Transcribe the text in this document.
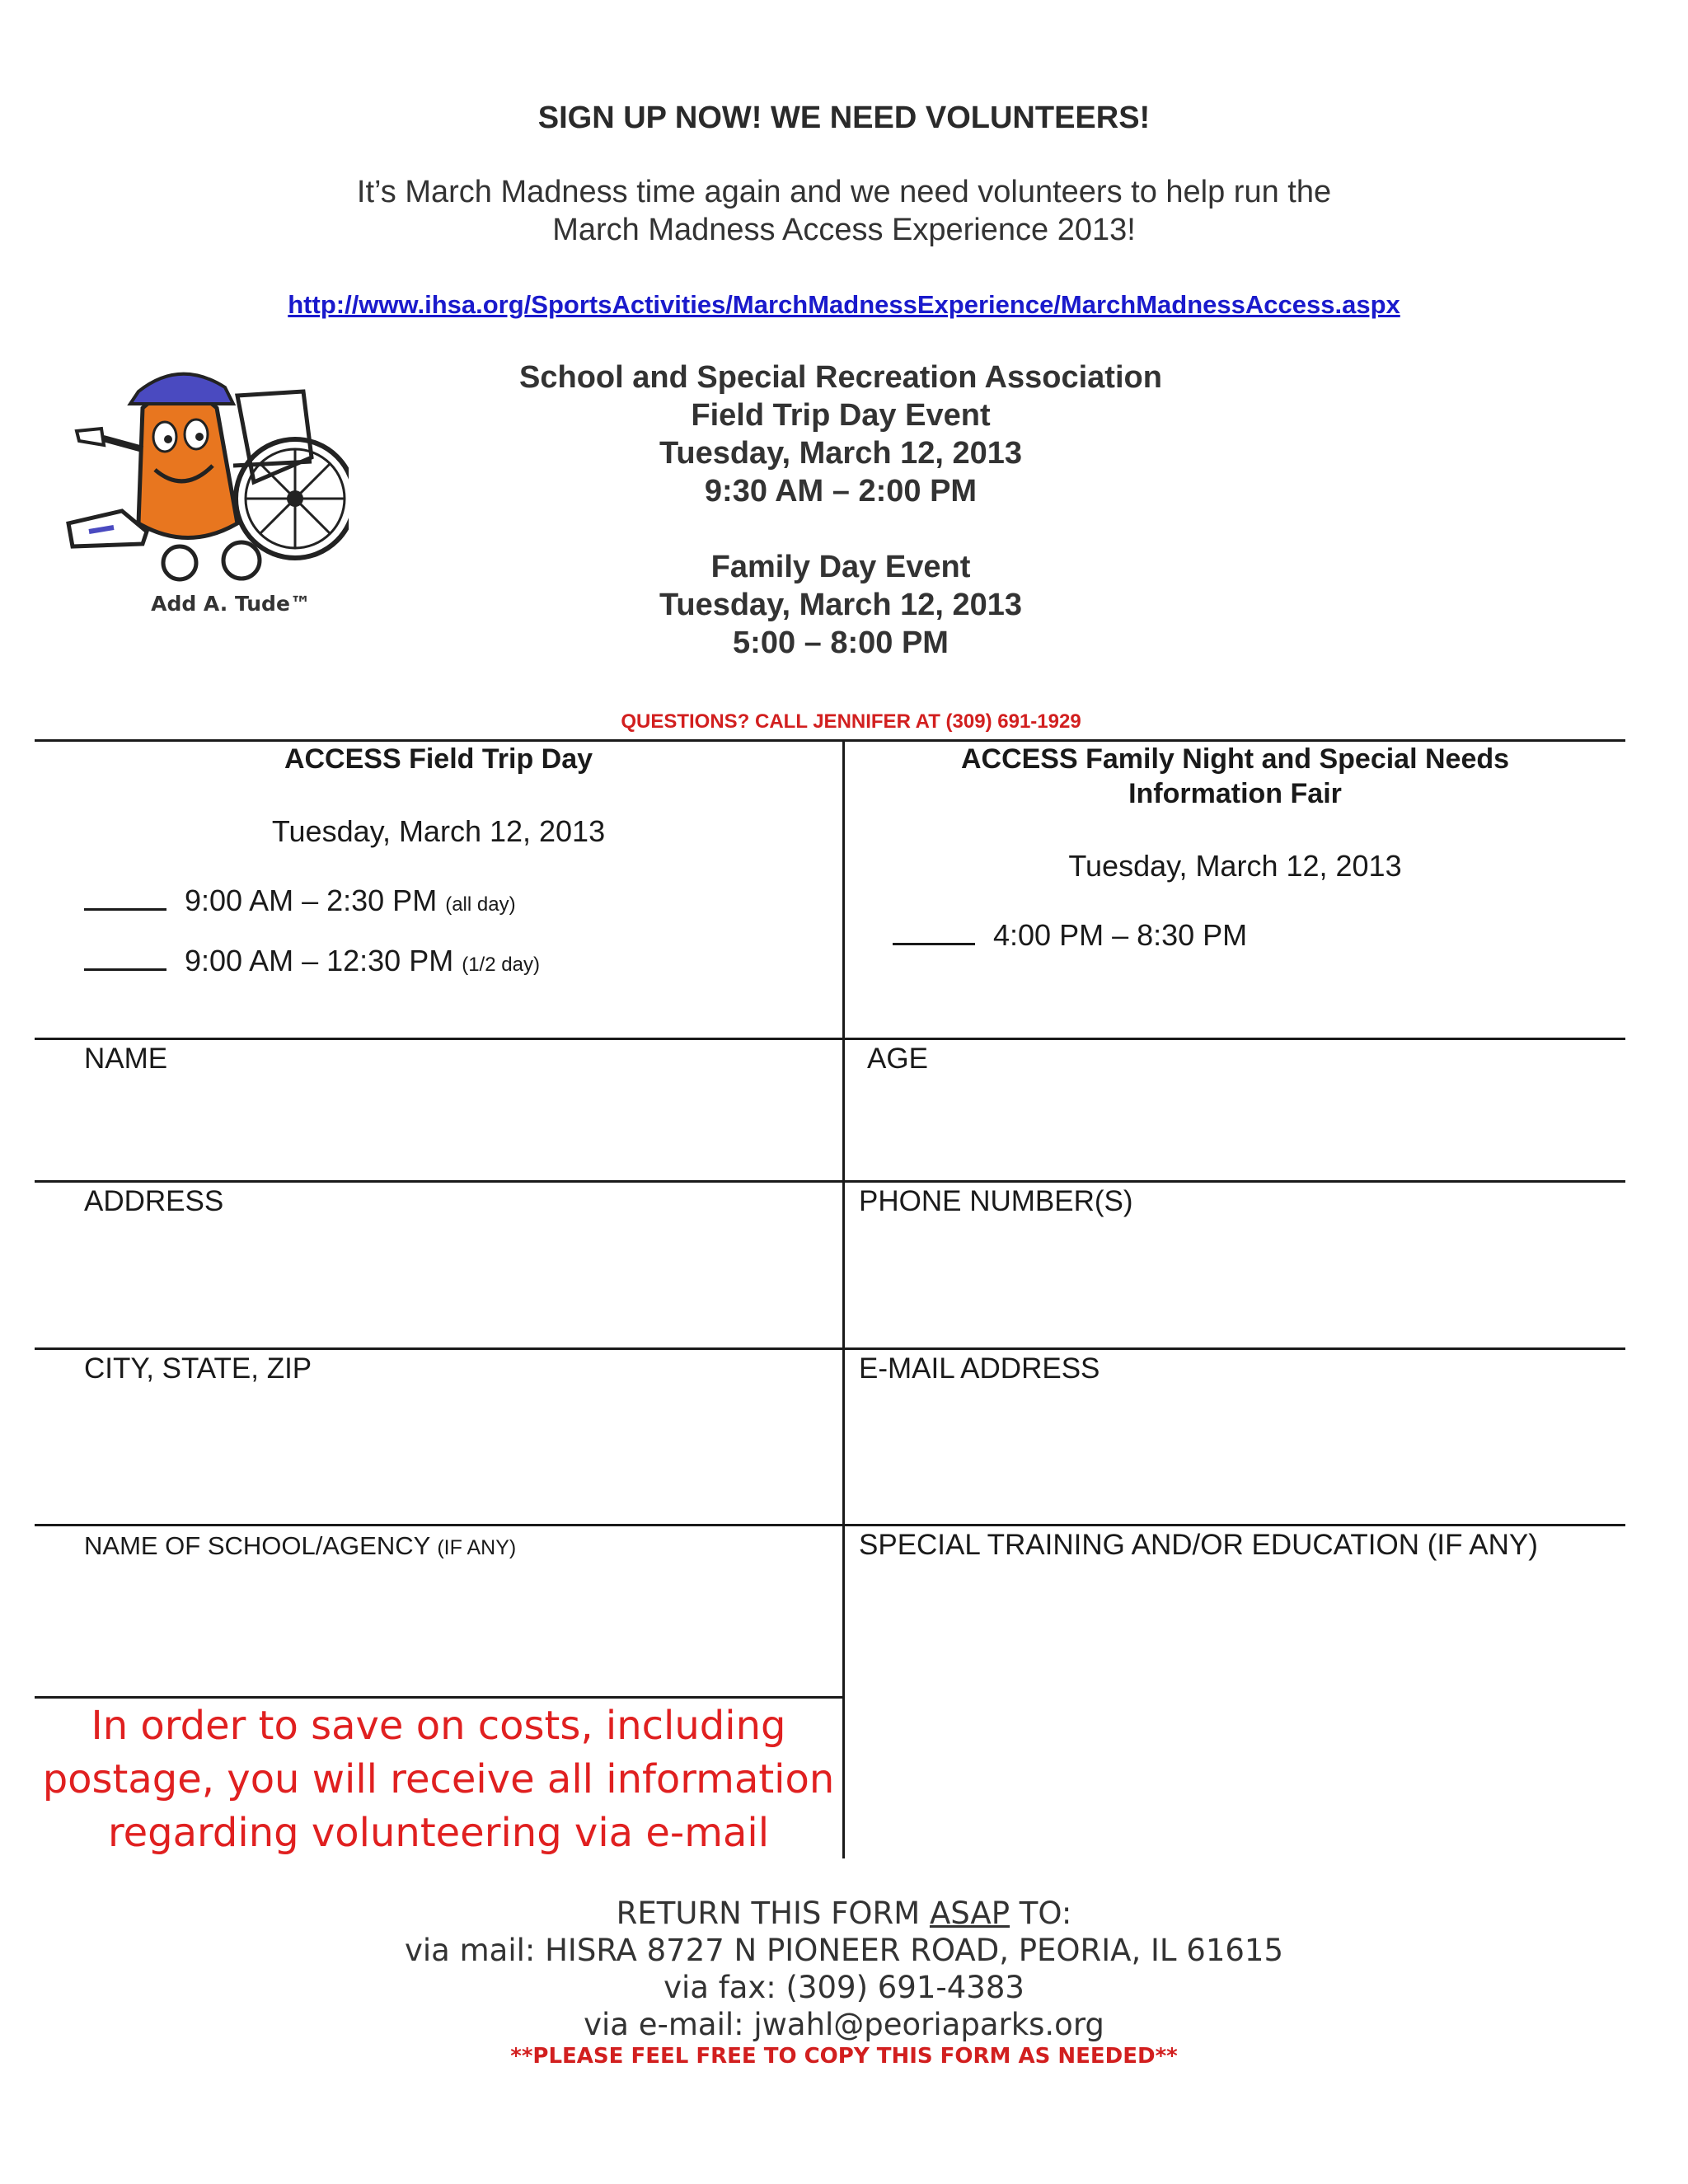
SIGN UP NOW! WE NEED VOLUNTEERS!
It’s March Madness time again and we need volunteers to help run the
March Madness Access Experience 2013!
http://www.ihsa.org/SportsActivities/MarchMadnessExperience/MarchMadnessAccess.aspx
Add A. Tude™
School and Special Recreation Association
Field Trip Day Event
Tuesday, March 12, 2013
9:30 AM – 2:00 PM
Family Day Event
Tuesday, March 12, 2013
5:00 – 8:00 PM
QUESTIONS? CALL JENNIFER AT (309) 691-1929
ACCESS Field Trip Day
Tuesday, March 12, 2013
9:00 AM – 2:30 PM (all day)
9:00 AM – 12:30 PM (1/2 day)
ACCESS Family Night and Special Needs
Information Fair
Tuesday, March 12, 2013
4:00 PM – 8:30 PM
NAME	AGE
ADDRESS	PHONE NUMBER(S)
CITY, STATE, ZIP	E-MAIL ADDRESS
NAME OF SCHOOL/AGENCY (IF ANY)	SPECIAL TRAINING AND/OR EDUCATION (IF ANY)
In order to save on costs, including
postage, you will receive all information
regarding volunteering via e-mail
RETURN THIS FORM ASAP TO:
via mail: HISRA 8727 N PIONEER ROAD, PEORIA, IL 61615
via fax: (309) 691-4383
via e-mail: jwahl@peoriaparks.org
**PLEASE FEEL FREE TO COPY THIS FORM AS NEEDED**
